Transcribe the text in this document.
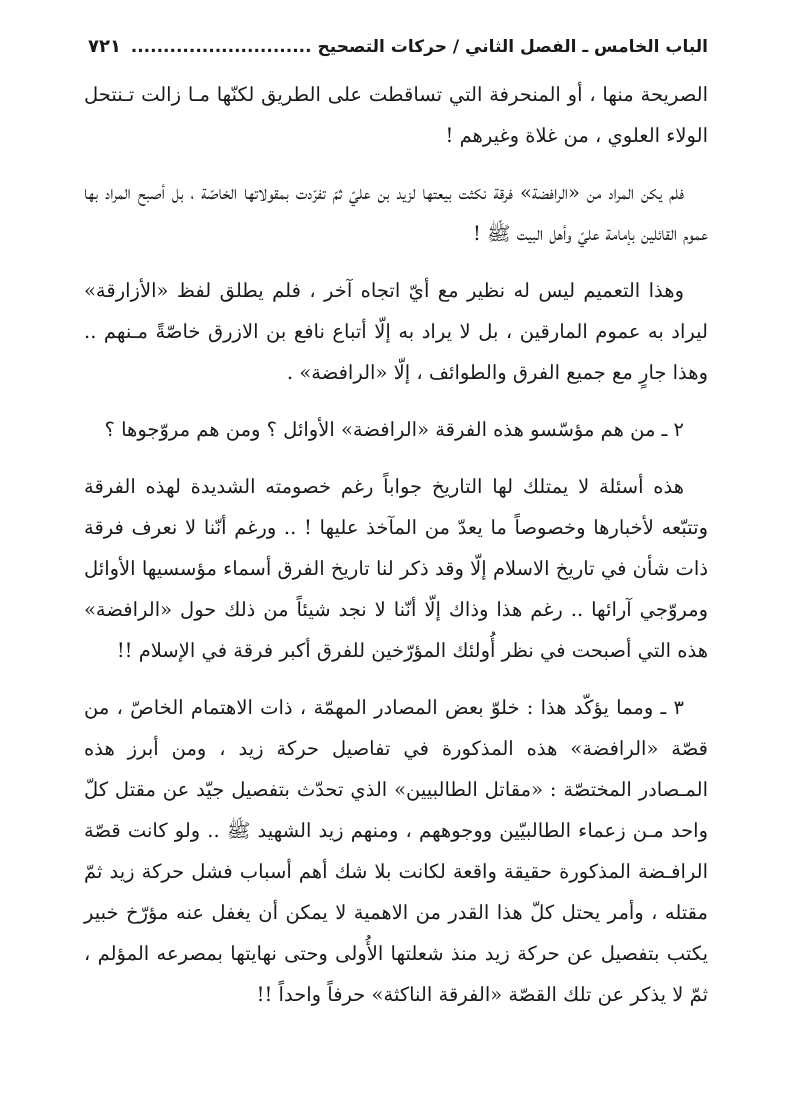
٧٢١ الباب الخامس ـ الفصل الثاني / حركات التصحيح ............................

الصريحة منها ، أو المنحرفة التي تساقطت على الطريق لكنّها مـا زالت تـنتحل الولاء العلوي ، من غلاة وغيرهم !

فلم يكن المراد من «الرافضة» فرقة نكثت بيعتها لزيد بن عليّ ثمّ تفرّدت بمقولاتها الخاصّة ، بل أصبح المراد بها عموم القائلين بإمامة عليّ وأهل البيت ﷺ !

وهذا التعميم ليس له نظير مع أيّ اتجاه آخر ، فلم يطلق لفظ «الأزارقة» ليراد به عموم المارقين ، بل لا يراد به إلّا أتباع نافع بن الازرق خاصّةً مـنهم .. وهذا جارٍ مع جميع الفرق والطوائف ، إلّا «الرافضة» .

٢ ـ من هم مؤسّسو هذه الفرقة «الرافضة» الأوائل ؟ ومن هم مروّجوها ؟

هذه أسئلة لا يمتلك لها التاريخ جواباً رغم خصومته الشديدة لهذه الفرقة وتتبّعه لأخبارها وخصوصاً ما يعدّ من المآخذ عليها ! .. ورغم أنّنا لا نعرف فرقة ذات شأن في تاريخ الاسلام إلّا وقد ذكر لنا تاريخ الفرق أسماء مؤسسيها الأوائل ومروّجي آرائها .. رغم هذا وذاك إلّا أنّنا لا نجد شيئاً من ذلك حول «الرافضة» هذه التي أصبحت في نظر أُولئك المؤرّخين للفرق أكبر فرقة في الإسلام !!

٣ ـ ومما يؤكّد هذا : خلوّ بعض المصادر المهمّة ، ذات الاهتمام الخاصّ ، من قصّة «الرافضة» هذه المذكورة في تفاصيل حركة زيد ، ومن أبرز هذه المـصادر المختصّة : «مقاتل الطالبيين» الذي تحدّث بتفصيل جيّد عن مقتل كلّ واحد مـن زعماء الطالبيّين ووجوههم ، ومنهم زيد الشهيد ﷺ .. ولو كانت قصّة الرافـضة المذكورة حقيقة واقعة لكانت بلا شك أهم أسباب فشل حركة زيد ثمّ مقتله ، وأمر يحتل كلّ هذا القدر من الاهمية لا يمكن أن يغفل عنه مؤرّخ خبير يكتب بتفصيل عن حركة زيد منذ شعلتها الأُولى وحتى نهايتها بمصرعه المؤلم ، ثمّ لا يذكر عن تلك القصّة «الفرقة الناكثة» حرفاً واحداً !!
